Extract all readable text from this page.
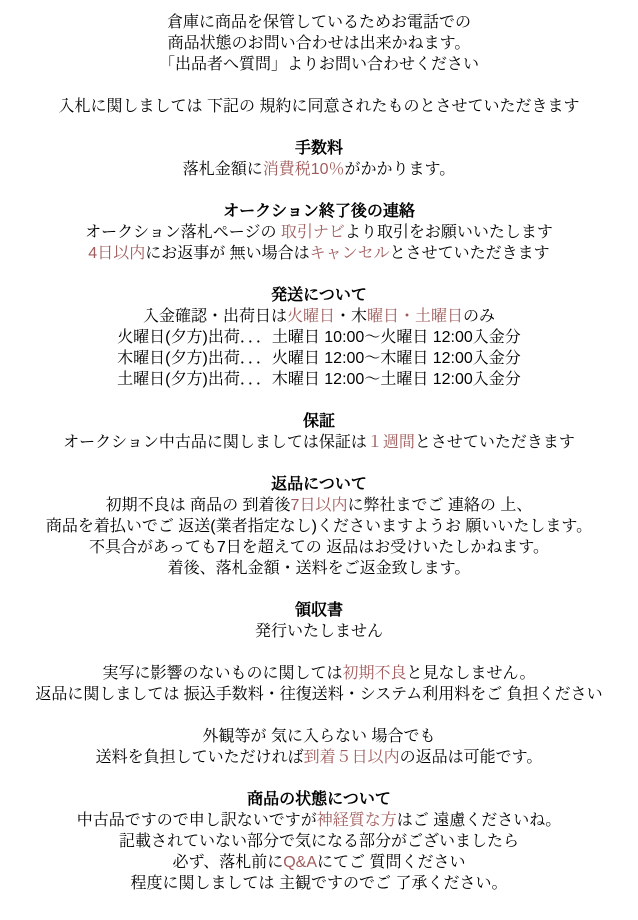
倉庫に商品を保管しているためお電話での
商品状態のお問い合わせは出来かねます。
「出品者へ質問」よりお問い合わせください
入札に関しましては 下記の 規約に同意されたものとさせていただきます
手数料
落札金額に消費税10％がかかります。
オークション終了後の連絡
オークション落札ページの 取引ナビより取引をお願いいたします
4日以内にお返事が 無い場合はキャンセルとさせていただきます
発送について
入金確認・出荷日は火曜日・木曜日・土曜日のみ
火曜日(夕方)出荷．．．土曜日 10:00～火曜日 12:00入金分
木曜日(夕方)出荷．．．火曜日 12:00～木曜日 12:00入金分
土曜日(夕方)出荷．．．木曜日 12:00～土曜日 12:00入金分
保証
オークション中古品に関しましては保証は１週間とさせていただきます
返品について
初期不良は 商品の 到着後7日以内に弊社までご 連絡の 上、
商品を着払いでご 返送(業者指定なし)くださいますようお 願いいたします。
不具合があっても7日を超えての 返品はお受けいたしかねます。
着後、落札金額・送料をご返金致します。
領収書
発行いたしません
実写に影響のないものに関しては初期不良と見なしません。
返品に関しましては 振込手数料・往復送料・システム利用料をご 負担ください
外観等が 気に入らない 場合でも
送料を負担していただければ到着５日以内の返品は可能です。
商品の状態について
中古品ですので申し訳ないですが神経質な方はご 遠慮くださいね。
記載されていない部分で気になる部分がございましたら
必ず、落札前にQ&Aにてご 質問ください
程度に関しましては 主観ですのでご 了承ください。
